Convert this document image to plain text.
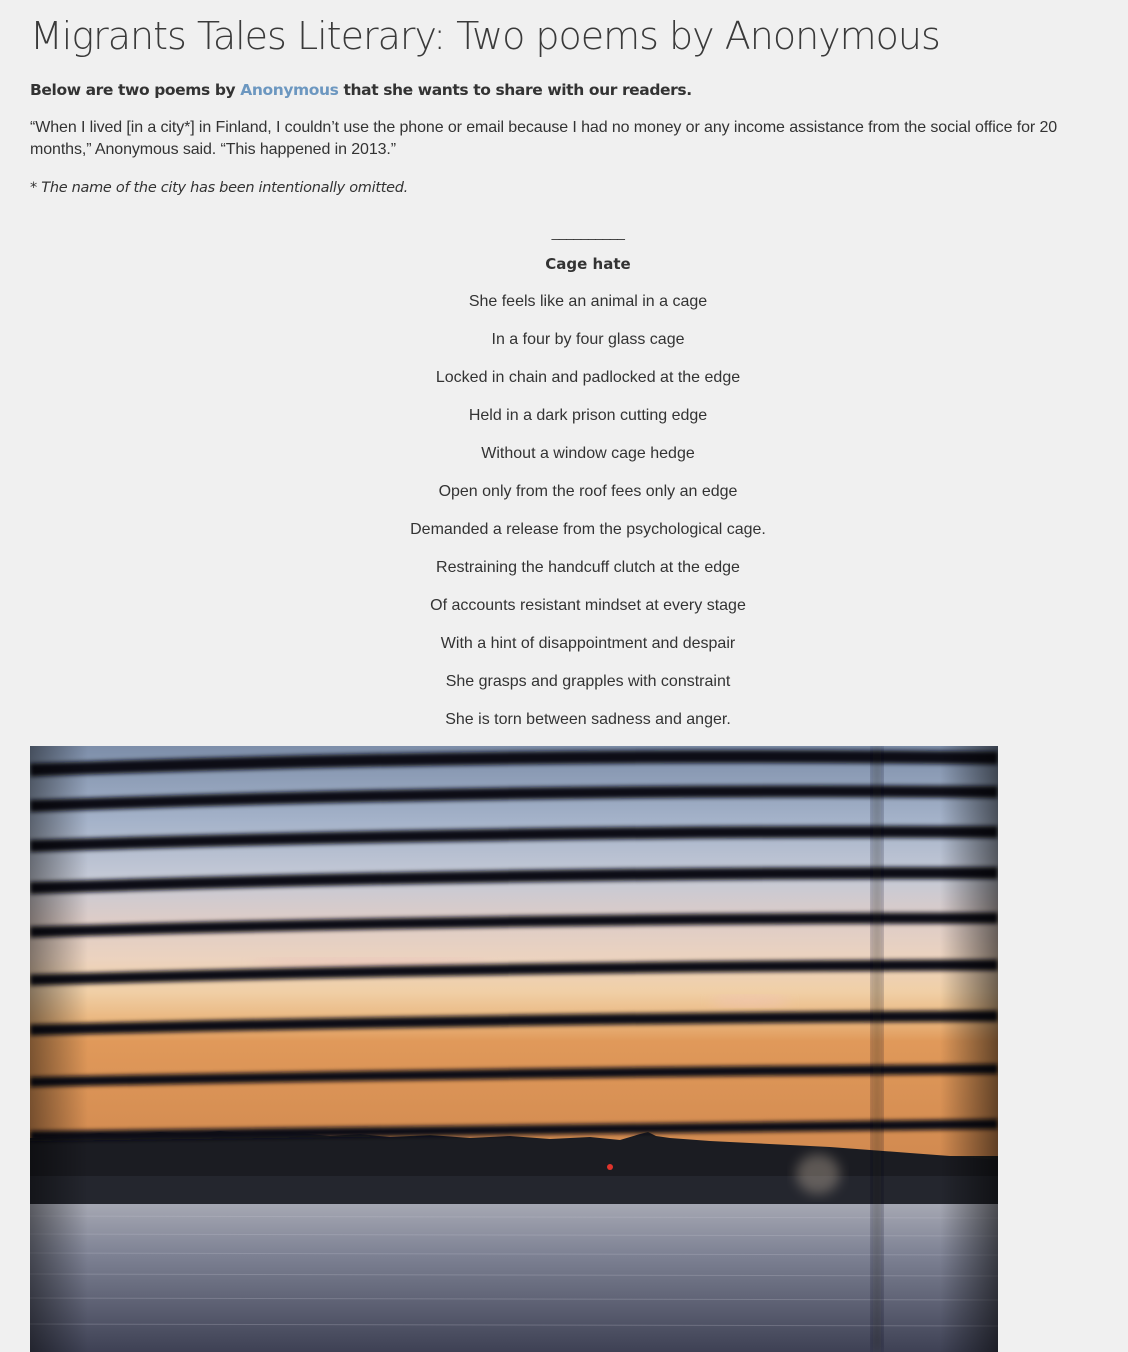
Migrants Tales Literary: Two poems by Anonymous

Below are two poems by Anonymous that she wants to share with our readers.

“When I lived [in a city*] in Finland, I couldn’t use the phone or email because I had no money or any income assistance from the social office for 20 months,” Anonymous said. “This happened in 2013.”

* The name of the city has been intentionally omitted.

__________

Cage hate

She feels like an animal in a cage

In a four by four glass cage

Locked in chain and padlocked at the edge

Held in a dark prison cutting edge

Without a window cage hedge

Open only from the roof fees only an edge

Demanded a release from the psychological cage.

Restraining the handcuff clutch at the edge

Of accounts resistant mindset at every stage

With a hint of disappointment and despair

She grasps and grapples with constraint

She is torn between sadness and anger.
